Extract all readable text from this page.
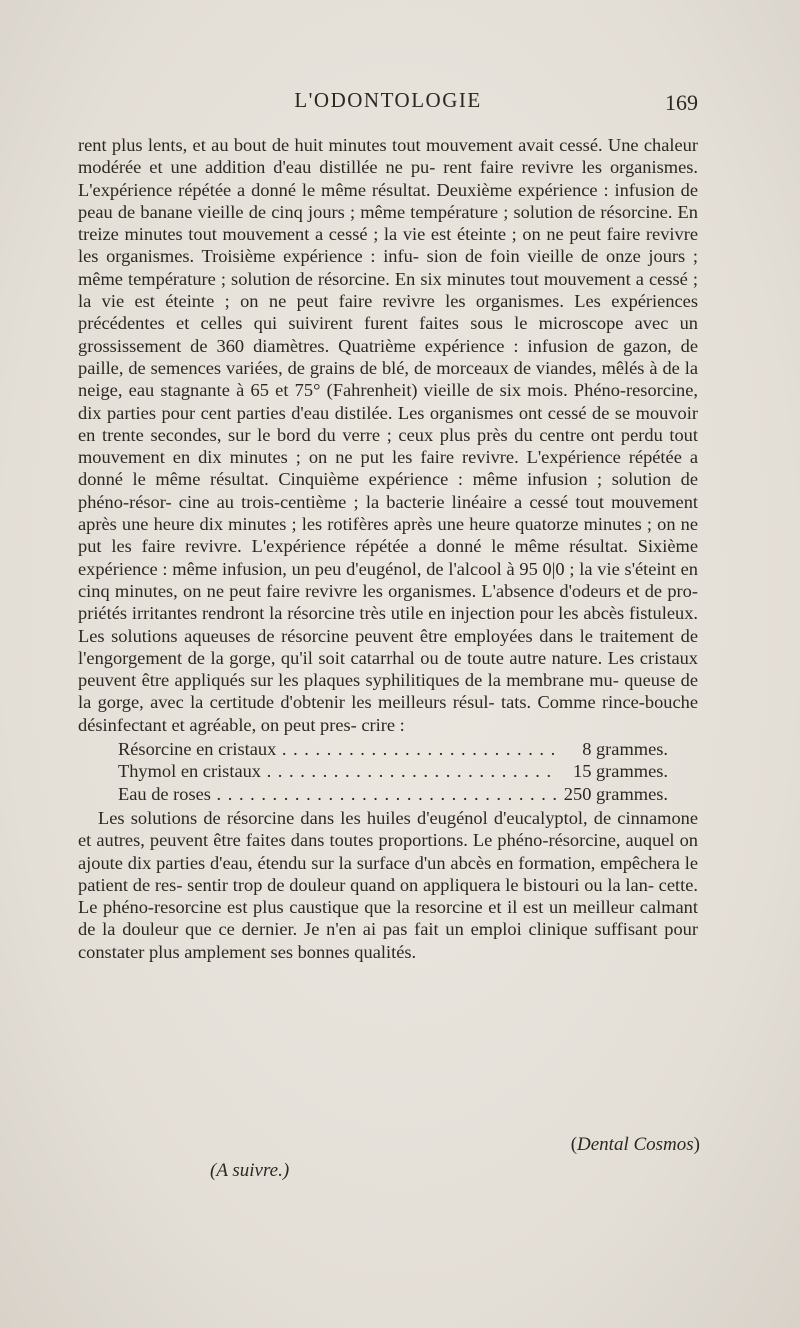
L'ODONTOLOGIE	169

rent plus lents, et au bout de huit minutes tout mouvement avait cessé. Une chaleur modérée et une addition d'eau distillée ne pu- rent faire revivre les organismes. L'expérience répétée a donné le même résultat. Deuxième expérience : infusion de peau de banane vieille de cinq jours ; même température ; solution de résorcine. En treize minutes tout mouvement a cessé ; la vie est éteinte ; on ne peut faire revivre les organismes. Troisième expérience : infu- sion de foin vieille de onze jours ; même température ; solution de résorcine. En six minutes tout mouvement a cessé ; la vie est éteinte ; on ne peut faire revivre les organismes. Les expériences précédentes et celles qui suivirent furent faites sous le microscope avec un grossissement de 360 diamètres. Quatrième expérience : infusion de gazon, de paille, de semences variées, de grains de blé, de morceaux de viandes, mêlés à de la neige, eau stagnante à 65 et 75° (Fahrenheit) vieille de six mois. Phéno-resorcine, dix parties pour cent parties d'eau distilée. Les organismes ont cessé de se mouvoir en trente secondes, sur le bord du verre ; ceux plus près du centre ont perdu tout mouvement en dix minutes ; on ne put les faire revivre. L'expérience répétée a donné le même résultat. Cinquième expérience : même infusion ; solution de phéno-résor- cine au trois-centième ; la bacterie linéaire a cessé tout mouvement après une heure dix minutes ; les rotifères après une heure quatorze minutes ; on ne put les faire revivre. L'expérience répétée a donné le même résultat. Sixième expérience : même infusion, un peu d'eugénol, de l'alcool à 95 0|0 ; la vie s'éteint en cinq minutes, on ne peut faire revivre les organismes. L'absence d'odeurs et de pro- priétés irritantes rendront la résorcine très utile en injection pour les abcès fistuleux. Les solutions aqueuses de résorcine peuvent être employées dans le traitement de l'engorgement de la gorge, qu'il soit catarrhal ou de toute autre nature. Les cristaux peuvent être appliqués sur les plaques syphilitiques de la membrane mu- queuse de la gorge, avec la certitude d'obtenir les meilleurs résul- tats. Comme rince-bouche désinfectant et agréable, on peut pres- crire :

Résorcine en cristaux . . .	8 grammes.
Thymol en cristaux . . .	15 grammes.
Eau de roses . . .	250 grammes.

Les solutions de résorcine dans les huiles d'eugénol d'eucalyptol, de cinnamone et autres, peuvent être faites dans toutes proportions. Le phéno-résorcine, auquel on ajoute dix parties d'eau, étendu sur la surface d'un abcès en formation, empêchera le patient de res- sentir trop de douleur quand on appliquera le bistouri ou la lan- cette. Le phéno-resorcine est plus caustique que la resorcine et il est un meilleur calmant de la douleur que ce dernier. Je n'en ai pas fait un emploi clinique suffisant pour constater plus amplement ses bonnes qualités.

(Dental Cosmos)
(A suivre.)
